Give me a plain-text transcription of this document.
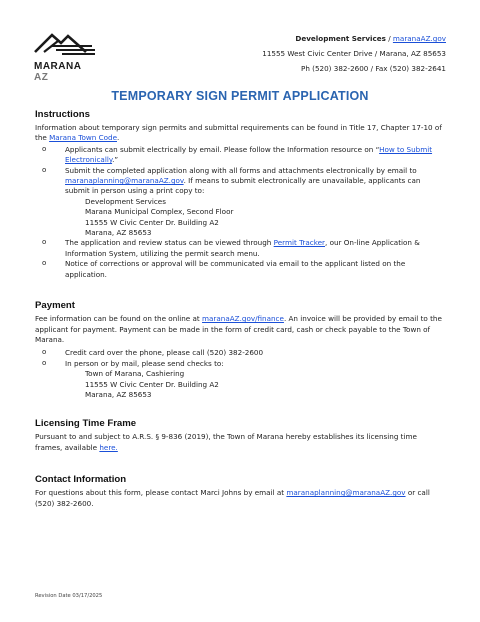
MARANA AZ
Development Services / maranaAZ.gov
11555 West Civic Center Drive / Marana, AZ 85653
Ph (520) 382-2600 / Fax (520) 382-2641
TEMPORARY SIGN PERMIT APPLICATION
Instructions

Information about temporary sign permits and submittal requirements can be found in Title 17, Chapter 17-10 of the Marana Town Code.

o Applicants can submit electrically by email. Please follow the Information resource on “How to Submit Electronically.”
o Submit the completed application along with all forms and attachments electronically by email to maranaplanning@maranaAZ.gov. If means to submit electronically are unavailable, applicants can submit in person using a print copy to:
Development Services
Marana Municipal Complex, Second Floor
11555 W Civic Center Dr. Building A2
Marana, AZ 85653
o The application and review status can be viewed through Permit Tracker, our On-line Application & Information System, utilizing the permit search menu.
o Notice of corrections or approval will be communicated via email to the applicant listed on the application.
Payment

Fee information can be found on the online at maranaAZ.gov/finance. An invoice will be provided by email to the applicant for payment. Payment can be made in the form of credit card, cash or check payable to the Town of Marana.

o Credit card over the phone, please call (520) 382-2600
o In person or by mail, please send checks to:
Town of Marana, Cashiering
11555 W Civic Center Dr. Building A2
Marana, AZ 85653
Licensing Time Frame

Pursuant to and subject to A.R.S. § 9-836 (2019), the Town of Marana hereby establishes its licensing time frames, available here.

Contact Information

For questions about this form, please contact Marci Johns by email at maranaplanning@maranaAZ.gov or call (520) 382-2600.

Revision Date 03/17/2025
